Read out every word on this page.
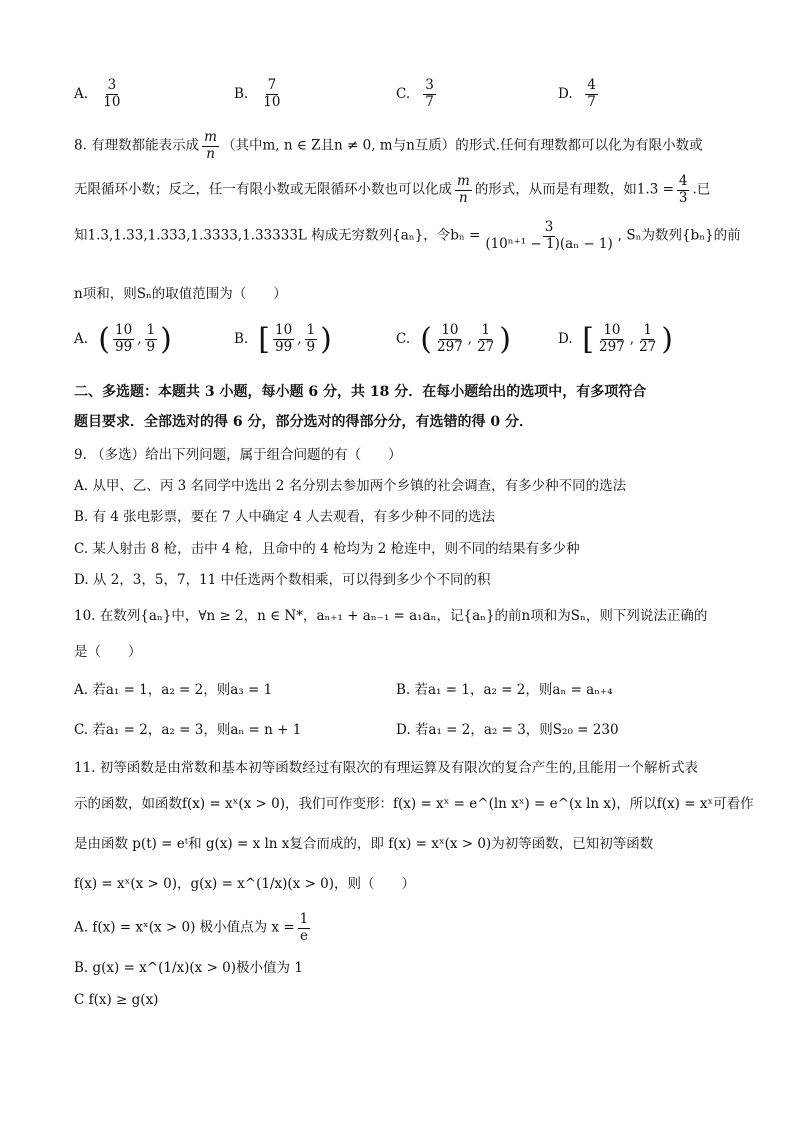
A. $\frac{3}{10}$	B. $\frac{7}{10}$	C. $\frac{3}{7}$	D. $\frac{4}{7}$
8. 有理数都能表示成 $\frac{m}{n}$ （其中m, n ∈ Z且n ≠ 0, m与n互质）的形式.任何有理数都可以化为有限小数或
无限循环小数；反之，任一有限小数或无限循环小数也可以化成 $\frac{m}{n}$ 的形式，从而是有理数，如1.3̇ = $\frac{4}{3}$ .已
知1.3,1.33,1.333,1.3333,1.33333L 构成无穷数列{aₙ}，令$b_n = \frac{3}{\text{(10ⁿ⁺¹ − 1)(aₙ − 1)}}$ , Sₙ为数列{bₙ}的前
n项和，则Sₙ的取值范围为（　　）
A. ( $\frac{10}{99}$ , $\frac{1}{9}$ )	B. [ $\frac{10}{99}$ , $\frac{1}{9}$ )	C. ( $\frac{10}{297}$ , $\frac{1}{27}$ )	D. [ $\frac{10}{297}$ , $\frac{1}{27}$ )
二、多选题：本题共 3 小题，每小题 6 分，共 18 分．在每小题给出的选项中，有多项符合
题目要求．全部选对的得 6 分，部分选对的得部分分，有选错的得 0 分．
9. （多选）给出下列问题，属于组合问题的有（　　）
A. 从甲、乙、丙 3 名同学中选出 2 名分别去参加两个乡镇的社会调查，有多少种不同的选法
B. 有 4 张电影票，要在 7 人中确定 4 人去观看，有多少种不同的选法
C. 某人射击 8 枪，击中 4 枪，且命中的 4 枪均为 2 枪连中，则不同的结果有多少种
D. 从 2，3，5，7，11 中任选两个数相乘，可以得到多少个不同的积
10. 在数列{aₙ}中，∀n ≥ 2，n ∈ N*，aₙ₊₁ + aₙ₋₁ = a₁aₙ，记{aₙ}的前n项和为Sₙ，则下列说法正确的
是（　　）
A. 若a₁ = 1，a₂ = 2，则a₃ = 1	B. 若a₁ = 1，a₂ = 2，则aₙ = aₙ₊₄
C. 若a₁ = 2，a₂ = 3，则aₙ = n + 1	D. 若a₁ = 2，a₂ = 3，则S₂₀ = 230
11. 初等函数是由常数和基本初等函数经过有限次的有理运算及有限次的复合产生的,且能用一个解析式表
示的函数，如函数f(x) = xˣ(x > 0)，我们可作变形：f(x) = xˣ = e^(ln xˣ) = e^(x ln x)，所以f(x) = xˣ可看作
是由函数 p(t) = eᵗ和 g(x) = x ln x复合而成的，即 f(x) = xˣ(x > 0)为初等函数，已知初等函数
f(x) = xˣ(x > 0)，g(x) = x^(1/x)(x > 0)，则（　　）
A. f(x) = xˣ(x > 0) 极小值点为 $x = \frac{1}{e}$
B. g(x) = x^(1/x)(x > 0)极小值为 1
C f(x) ≥ g(x)
